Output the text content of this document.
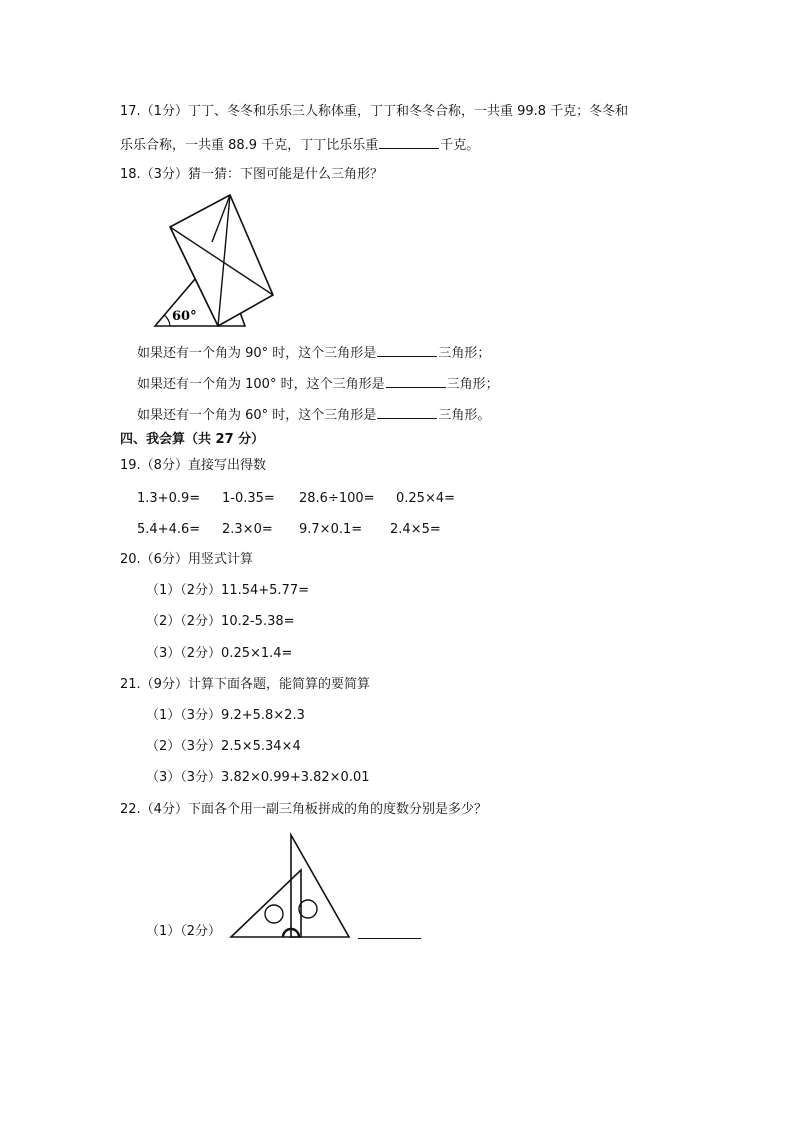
17.（1分）丁丁、冬冬和乐乐三人称体重，丁丁和冬冬合称，一共重 99.8 千克；冬冬和
乐乐合称，一共重 88.9 千克，丁丁比乐乐重	千克。
18.（3分）猜一猜：下图可能是什么三角形？
60°
如果还有一个角为 90° 时，这个三角形是	三角形；
如果还有一个角为 100° 时，这个三角形是	三角形；
如果还有一个角为 60° 时，这个三角形是	三角形。
四、我会算（共 27 分）
19.（8分）直接写出得数
1.3+0.9= 1-0.35= 28.6÷100= 0.25×4=
5.4+4.6= 2.3×0= 9.7×0.1= 2.4×5=
20.（6分）用竖式计算
（1）（2分）11.54+5.77=
（2）（2分）10.2-5.38=
（3）（2分）0.25×1.4=
21.（9分）计算下面各题，能简算的要简算
（1）（3分）9.2+5.8×2.3
（2）（3分）2.5×5.34×4
（3）（3分）3.82×0.99+3.82×0.01
22.（4分）下面各个用一副三角板拼成的角的度数分别是多少？
（1）（2分）
